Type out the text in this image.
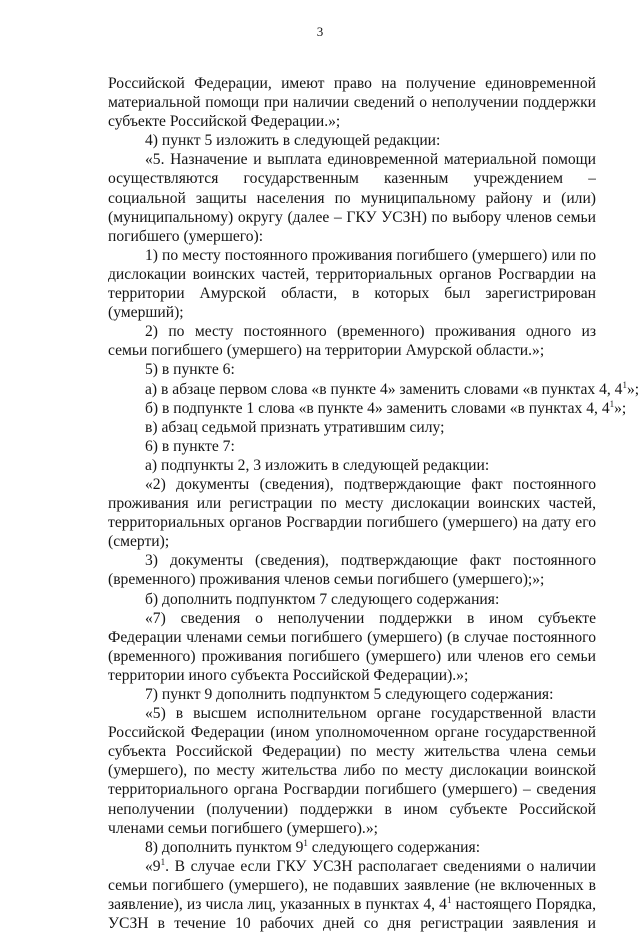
3
Российской Федерации, имеют право на получение единовременной
материальной помощи при наличии сведений о неполучении поддержки
субъекте Российской Федерации.»;
4) пункт 5 изложить в следующей редакции:
«5. Назначение и выплата единовременной материальной помощи
осуществляются государственным казенным учреждением –
социальной защиты населения по муниципальному району и (или)
(муниципальному) округу (далее – ГКУ УСЗН) по выбору членов семьи
погибшего (умершего):
1) по месту постоянного проживания погибшего (умершего) или по
дислокации воинских частей, территориальных органов Росгвардии на
территории Амурской области, в которых был зарегистрирован
(умерший);
2) по месту постоянного (временного) проживания одного из
семьи погибшего (умершего) на территории Амурской области.»;
5) в пункте 6:
а) в абзаце первом слова «в пункте 4» заменить словами «в пунктах 4, $4^1$»;
б) в подпункте 1 слова «в пункте 4» заменить словами «в пунктах 4, $4^1$»;
в) абзац седьмой признать утратившим силу;
6) в пункте 7:
а) подпункты 2, 3 изложить в следующей редакции:
«2) документы (сведения), подтверждающие факт постоянного
проживания или регистрации по месту дислокации воинских частей,
территориальных органов Росгвардии погибшего (умершего) на дату его
(смерти);
3) документы (сведения), подтверждающие факт постоянного
(временного) проживания членов семьи погибшего (умершего);»;
б) дополнить подпунктом 7 следующего содержания:
«7) сведения о неполучении поддержки в ином субъекте
Федерации членами семьи погибшего (умершего) (в случае постоянного
(временного) проживания погибшего (умершего) или членов его семьи
территории иного субъекта Российской Федерации).»;
7) пункт 9 дополнить подпунктом 5 следующего содержания:
«5) в высшем исполнительном органе государственной власти
Российской Федерации (ином уполномоченном органе государственной
субъекта Российской Федерации) по месту жительства члена семьи
(умершего), по месту жительства либо по месту дислокации воинской
территориального органа Росгвардии погибшего (умершего) – сведения
неполучении (получении) поддержки в ином субъекте Российской
членами семьи погибшего (умершего).»;
8) дополнить пунктом $9^1$ следующего содержания:
«$9^1$. В случае если ГКУ УСЗН располагает сведениями о наличии
семьи погибшего (умершего), не подавших заявление (не включенных в
заявление), из числа лиц, указанных в пунктах 4, $4^1$ настоящего Порядка,
УСЗН в течение 10 рабочих дней со дня регистрации заявления и
